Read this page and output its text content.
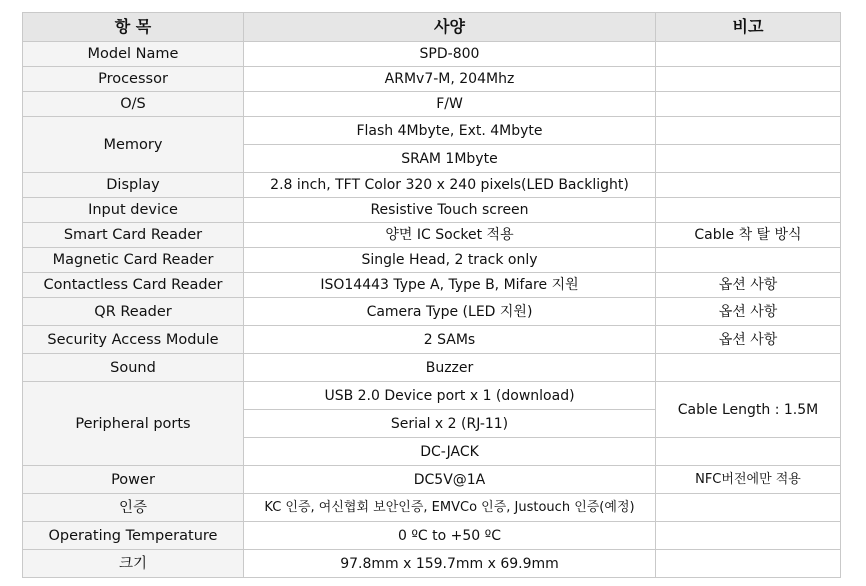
항 목	사양	비고
Model Name	SPD-800	
Processor	ARMv7-M, 204Mhz	
O/S	F/W	
Memory	Flash 4Mbyte, Ext. 4Mbyte	
	SRAM 1Mbyte	
Display	2.8 inch, TFT Color 320 x 240 pixels(LED Backlight)	
Input device	Resistive Touch screen	
Smart Card Reader	양면 IC Socket 적용	Cable 착 탈 방식
Magnetic Card Reader	Single Head, 2 track only	
Contactless Card Reader	ISO14443 Type A, Type B, Mifare 지원	옵션 사항
QR Reader	Camera Type (LED 지원)	옵션 사항
Security Access Module	2 SAMs	옵션 사항
Sound	Buzzer	
Peripheral ports	USB 2.0 Device port x 1 (download)	Cable Length : 1.5M
	Serial x 2 (RJ-11)	
	DC-JACK	
Power	DC5V@1A	NFC버전에만 적용
인증	KC 인증, 여신협회 보안인증, EMVCo 인증, Justouch 인증(예정)	
Operating Temperature	0 ºC to +50 ºC	
크기	97.8mm x 159.7mm x 69.9mm	
